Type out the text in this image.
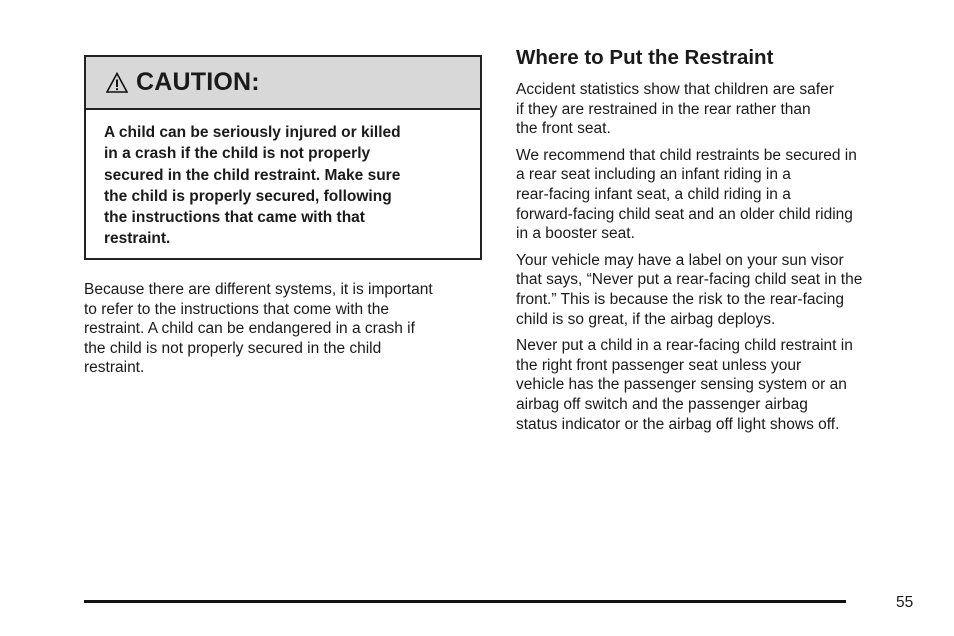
CAUTION:
A child can be seriously injured or killed
in a crash if the child is not properly
secured in the child restraint. Make sure
the child is properly secured, following
the instructions that came with that
restraint.

Because there are different systems, it is important
to refer to the instructions that come with the
restraint. A child can be endangered in a crash if
the child is not properly secured in the child
restraint.

Where to Put the Restraint

Accident statistics show that children are safer
if they are restrained in the rear rather than
the front seat.

We recommend that child restraints be secured in
a rear seat including an infant riding in a
rear-facing infant seat, a child riding in a
forward-facing child seat and an older child riding
in a booster seat.

Your vehicle may have a label on your sun visor
that says, “Never put a rear-facing child seat in the
front.” This is because the risk to the rear-facing
child is so great, if the airbag deploys.

Never put a child in a rear-facing child restraint in
the right front passenger seat unless your
vehicle has the passenger sensing system or an
airbag off switch and the passenger airbag
status indicator or the airbag off light shows off.

55
